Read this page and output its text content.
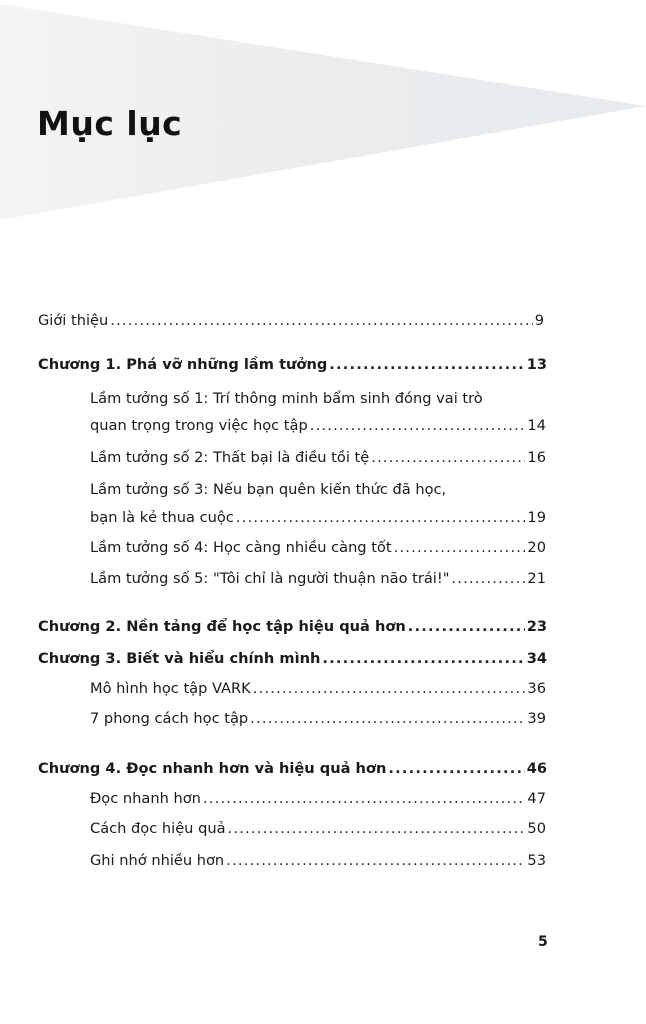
Mục lục
Giới thiệu .....	9
Chương 1. Phá vỡ những lầm tưởng .....	13
Lầm tưởng số 1: Trí thông minh bẩm sinh đóng vai trò
quan trọng trong việc học tập .....	14
Lầm tưởng số 2: Thất bại là điều tồi tệ .....	16
Lầm tưởng số 3: Nếu bạn quên kiến thức đã học,
bạn là kẻ thua cuộc .....	19
Lầm tưởng số 4: Học càng nhiều càng tốt .....	20
Lầm tưởng số 5: "Tôi chỉ là người thuận não trái!" .....	21
Chương 2. Nền tảng để học tập hiệu quả hơn .....	23
Chương 3. Biết và hiểu chính mình .....	34
Mô hình học tập VARK .....	36
7 phong cách học tập .....	39
Chương 4. Đọc nhanh hơn và hiệu quả hơn .....	46
Đọc nhanh hơn .....	47
Cách đọc hiệu quả .....	50
Ghi nhớ nhiều hơn .....	53
5
